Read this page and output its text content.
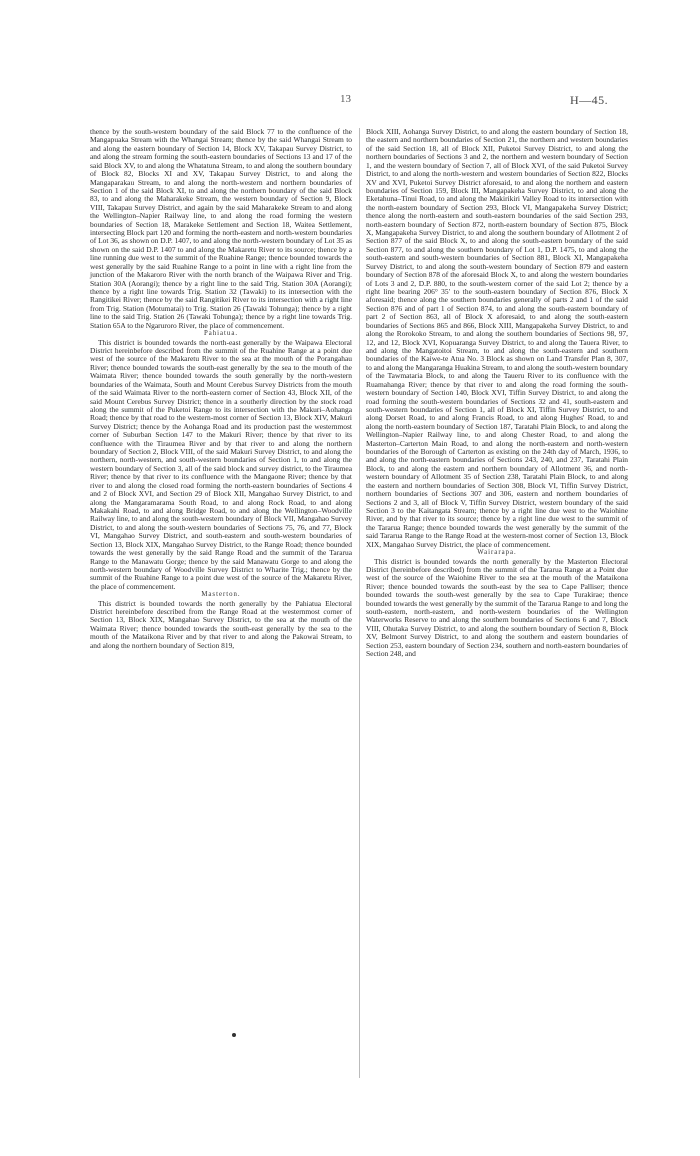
13	H—45.

thence by the south-western boundary of the said Block 77 to the confluence of the Mangapuaka Stream with the Whangai Stream; thence by the said Whangai Stream to and along the eastern boundary of Section 14, Block XV, Takapau Survey District, to and along the stream forming the south-eastern boundaries of Sections 13 and 17 of the said Block XV, to and along the Whatatuna Stream, to and along the southern boundary of Block 82, Blocks XI and XV, Takapau Survey District, to and along the Mangaparakau Stream, to and along the north-western and northern boundaries of Section 1 of the said Block XI, to and along the northern boundary of the said Block 83, to and along the Maharakeke Stream, the western boundary of Section 9, Block VIII, Takapau Survey District, and again by the said Maharakeke Stream to and along the Wellington–Napier Railway line, to and along the road forming the western boundaries of Section 18, Marakeke Settlement and Section 18, Waitea Settlement, intersecting Block part 120 and forming the north-eastern and north-western boundaries of Lot 36, as shown on D.P. 1407, to and along the north-western boundary of Lot 35 as shown on the said D.P. 1407 to and along the Makaretu River to its source; thence by a line running due west to the summit of the Ruahine Range; thence bounded towards the west generally by the said Ruahine Range to a point in line with a right line from the junction of the Makaroro River with the north branch of the Waipawa River and Trig. Station 30A (Aorangi); thence by a right line to the said Trig. Station 30A (Aorangi); thence by a right line towards Trig. Station 32 (Tawaki) to its intersection with the Rangitikei River; thence by the said Rangitikei River to its intersection with a right line from Trig. Station (Motumatai) to Trig. Station 26 (Tawaki Tohunga); thence by a right line to the said Trig. Station 26 (Tawaki Tohunga); thence by a right line towards Trig. Station 65A to the Ngaruroro River, the place of commencement.

Pahiatua.

This district is bounded towards the north-east generally by the Waipawa Electoral District hereinbefore described from the summit of the Ruahine Range at a point due west of the source of the Makaretu River to the sea at the mouth of the Porangahau River; thence bounded towards the south-east generally by the sea to the mouth of the Waimata River; thence bounded towards the south generally by the north-western boundaries of the Waimata, South and Mount Cerebus Survey Districts from the mouth of the said Waimata River to the north-eastern corner of Section 43, Block XII, of the said Mount Cerebus Survey District; thence in a southerly direction by the stock road along the summit of the Puketoi Range to its intersection with the Makuri–Aohanga Road; thence by that road to the western-most corner of Section 13, Block XIV, Makuri Survey District; thence by the Aohanga Road and its production past the westernmost corner of Suburban Section 147 to the Makuri River; thence by that river to its confluence with the Tiraumea River and by that river to and along the northern boundary of Section 2, Block VIII, of the said Makuri Survey District, to and along the northern, north-western, and south-western boundaries of Section 1, to and along the western boundary of Section 3, all of the said block and survey district, to the Tiraumea River; thence by that river to its confluence with the Mangaone River; thence by that river to and along the closed road forming the north-eastern boundaries of Sections 4 and 2 of Block XVI, and Section 29 of Block XII, Mangahao Survey District, to and along the Mangaramarama South Road, to and along Rock Road, to and along Makakahi Road, to and along Bridge Road, to and along the Wellington–Woodville Railway line, to and along the south-western boundary of Block VII, Mangahao Survey District, to and along the south-western boundaries of Sections 75, 76, and 77, Block VI, Mangahao Survey District, and south-eastern and south-western boundaries of Section 13, Block XIX, Mangahao Survey District, to the Range Road; thence bounded towards the west generally by the said Range Road and the summit of the Tararua Range to the Manawatu Gorge; thence by the said Manawatu Gorge to and along the north-western boundary of Woodville Survey District to Wharite Trig.; thence by the summit of the Ruahine Range to a point due west of the source of the Makaretu River, the place of commencement.

Masterton.

This district is bounded towards the north generally by the Pahiatua Electoral District hereinbefore described from the Range Road at the westernmost corner of Section 13, Block XIX, Mangahao Survey District, to the sea at the mouth of the Waimata River; thence bounded towards the south-east generally by the sea to the mouth of the Mataikona River and by that river to and along the Pakowai Stream, to and along the northern boundary of Section 819,

Block XIII, Aohanga Survey District, to and along the eastern boundary of Section 18, the eastern and northern boundaries of Section 21, the northern and western boundaries of the said Section 18, all of Block XII, Puketoi Survey District, to and along the northern boundaries of Sections 3 and 2, the northern and western boundary of Section 1, and the western boundary of Section 7, all of Block XVI, of the said Puketoi Survey District, to and along the north-western and western boundaries of Section 822, Blocks XV and XVI, Puketoi Survey District aforesaid, to and along the northern and eastern boundaries of Section 159, Block III, Mangapakeha Survey District, to and along the Eketahuna–Tinui Road, to and along the Makirikiri Valley Road to its intersection with the north-eastern boundary of Section 293, Block VI, Mangapakeha Survey District; thence along the north-eastern and south-eastern boundaries of the said Section 293, north-eastern boundary of Section 872, north-eastern boundary of Section 875, Block X, Mangapakeha Survey District, to and along the southern boundary of Allotment 2 of Section 877 of the said Block X, to and along the south-eastern boundary of the said Section 877, to and along the southern boundary of Lot 1, D.P. 1475, to and along the south-eastern and south-western boundaries of Section 881, Block XI, Mangapakeha Survey District, to and along the south-western boundary of Section 879 and eastern boundary of Section 878 of the aforesaid Block X, to and along the western boundaries of Lots 3 and 2, D.P. 880, to the south-western corner of the said Lot 2; thence by a right line bearing 206° 35′ to the south-eastern boundary of Section 876, Block X aforesaid; thence along the southern boundaries generally of parts 2 and 1 of the said Section 876 and of part 1 of Section 874, to and along the south-eastern boundary of part 2 of Section 863, all of Block X aforesaid, to and along the south-eastern boundaries of Sections 865 and 866, Block XIII, Mangapakeha Survey District, to and along the Rorokoko Stream, to and along the southern boundaries of Sections 98, 97, 12, and 12, Block XVI, Kopuaranga Survey District, to and along the Tauera River, to and along the Mangatoitoi Stream, to and along the south-eastern and southern boundaries of the Kaiwe-te Atua No. 3 Block as shown on Land Transfer Plan 8, 307, to and along the Mangaranga Huakina Stream, to and along the south-western boundary of the Tawmataria Block, to and along the Taueru River to its confluence with the Ruamahanga River; thence by that river to and along the road forming the south-western boundary of Section 140, Block XVI, Tiffin Survey District, to and along the road forming the south-western boundaries of Sections 32 and 41, south-eastern and south-western boundaries of Section 1, all of Block XI, Tiffin Survey District, to and along Dorset Road, to and along Francis Road, to and along Hughes' Road, to and along the north-eastern boundary of Section 187, Taratahi Plain Block, to and along the Wellington–Napier Railway line, to and along Chester Road, to and along the Masterton–Carterton Main Road, to and along the north-eastern and north-western boundaries of the Borough of Carterton as existing on the 24th day of March, 1936, to and along the north-eastern boundaries of Sections 243, 240, and 237, Taratahi Plain Block, to and along the eastern and northern boundary of Allotment 36, and north-western boundary of Allotment 35 of Section 238, Taratahi Plain Block, to and along the eastern and northern boundaries of Section 308, Block VI, Tiffin Survey District, northern boundaries of Sections 307 and 306, eastern and northern boundaries of Sections 2 and 3, all of Block V, Tiffin Survey District, western boundary of the said Section 3 to the Kaitangata Stream; thence by a right line due west to the Waiohine River, and by that river to its source; thence by a right line due west to the summit of the Tararua Range; thence bounded towards the west generally by the summit of the said Tararua Range to the Range Road at the western-most corner of Section 13, Block XIX, Mangahao Survey District, the place of commencement.

Wairarapa.

This district is bounded towards the north generally by the Masterton Electoral District (hereinbefore described) from the summit of the Tararua Range at a Point due west of the source of the Waiohine River to the sea at the mouth of the Mataikona River; thence bounded towards the south-east by the sea to Cape Palliser; thence bounded towards the south-west generally by the sea to Cape Turakirae; thence bounded towards the west generally by the summit of the Tararua Range to and long the south-eastern, north-eastern, and north-western boundaries of the Wellington Waterworks Reserve to and along the southern boundaries of Sections 6 and 7, Block VIII, Ohutaka Survey District, to and along the southern boundary of Section 8, Block XV, Belmont Survey District, to and along the southern and eastern boundaries of Section 253, eastern boundary of Section 234, southern and north-eastern boundaries of Section 248, and
